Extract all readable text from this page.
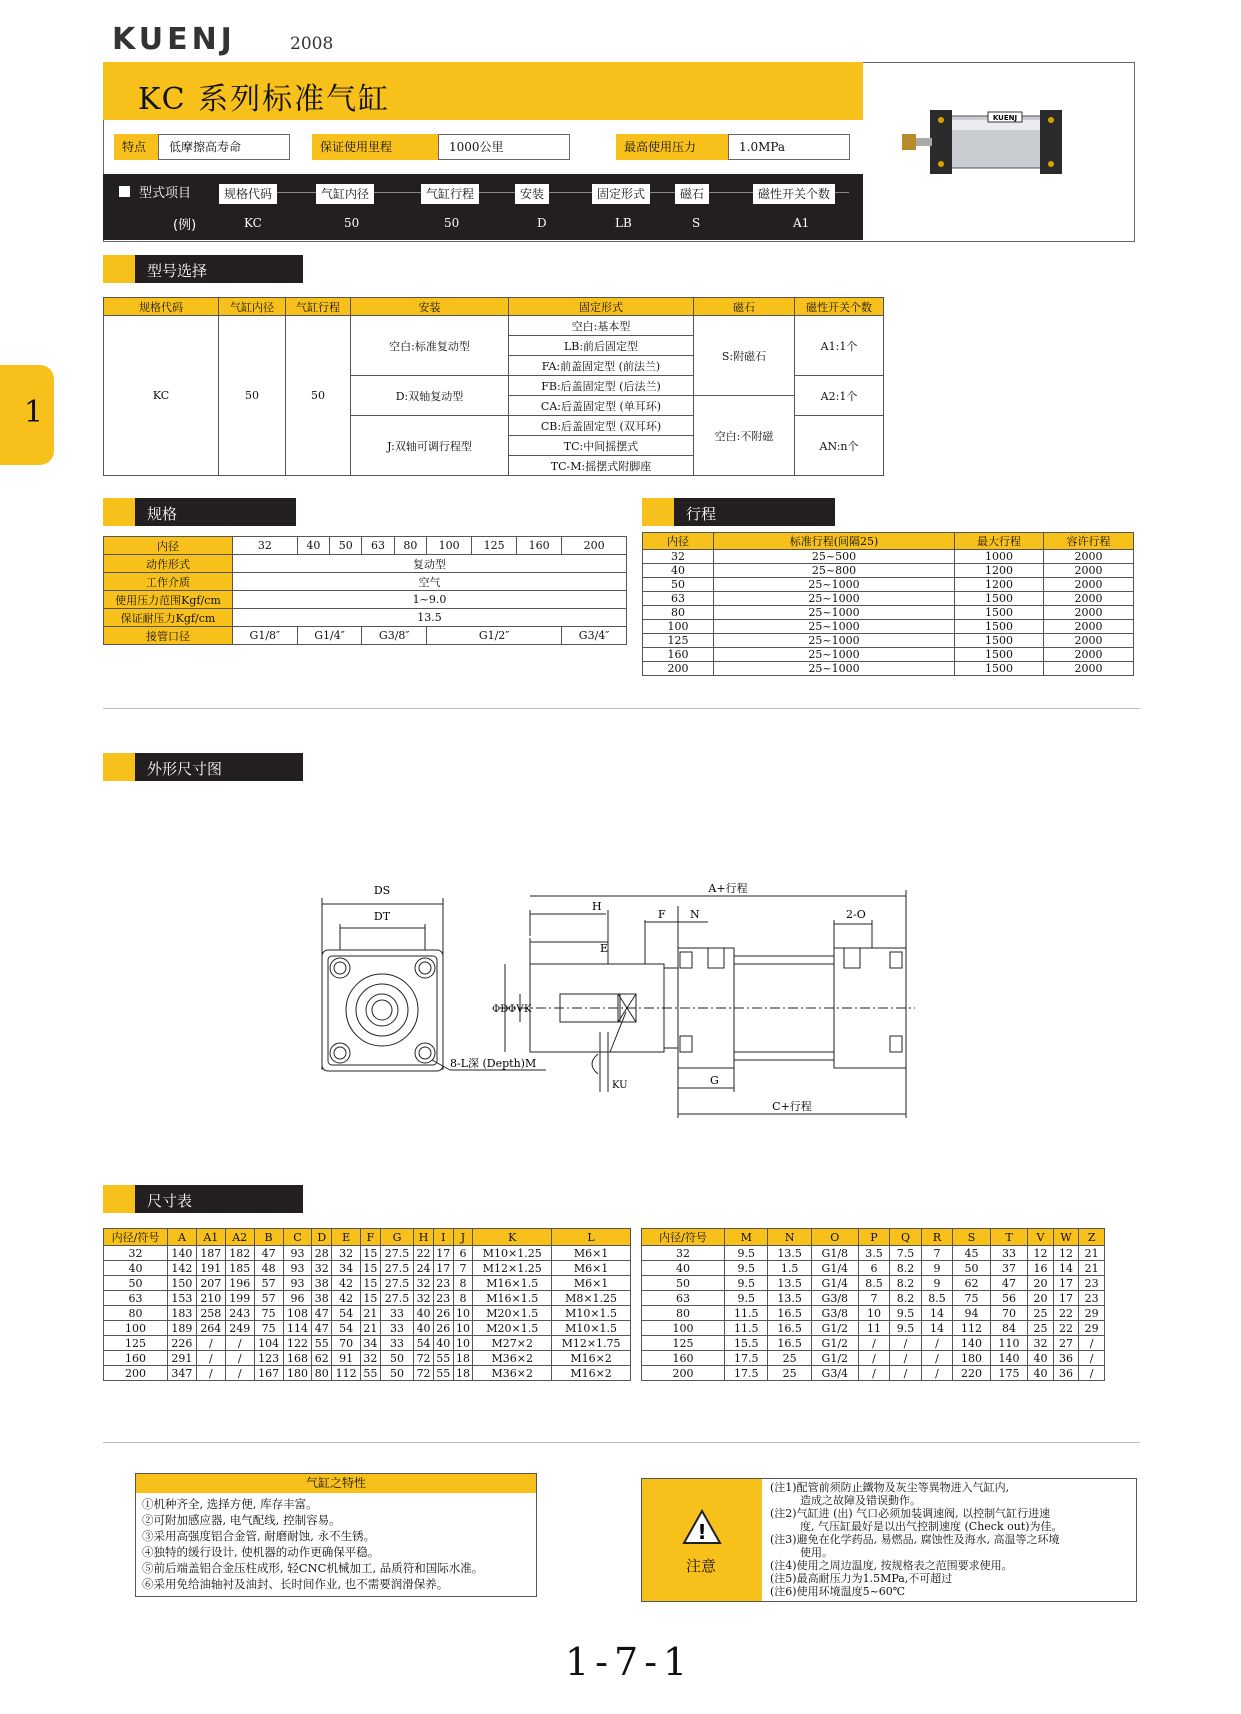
KUENJ	2008
1
KC 系列标准气缸
特点	低摩擦高寿命	保证使用里程	1000公里	最高使用压力	1.0MPa
型式项目
(例)
规格代码	气缸内径	气缸行程	安装	固定形式	磁石	磁性开关个数
KC	50	50	D	LB	S	A1
KUENJ
型号选择
规格代码	气缸内径	气缸行程	安装	固定形式	磁石	磁性开关个数
KC	50	50	空白:标准复动型	空白:基本型	S:附磁石	A1:1个
				LB:前后固定型		
				FA:前盖固定型 (前法兰)		
			D:双轴复动型	FB:后盖固定型 (后法兰)		A2:1个
				CA:后盖固定型 (单耳环)	空白:不附磁	
			J:双轴可调行程型	CB:后盖固定型 (双耳环)		AN:n个
				TC:中间摇摆式		
				TC-M:摇摆式附脚座		
规格
内径	32	40	50	63	80	100	125	160	200
动作形式	复动型								
工作介质	空气								
使用压力范围Kgf/cm	1~9.0								
保证耐压力Kgf/cm	13.5								
接管口径	G1/8″	G1/4″		G3/8″		G1/2″			G3/4″
行程
内径	标准行程(间隔25)	最大行程	容许行程
32	25~500	1000	2000
40	25~800	1200	2000
50	25~1000	1200	2000
63	25~1000	1500	2000
80	25~1000	1500	2000
100	25~1000	1500	2000
125	25~1000	1500	2000
160	25~1000	1500	2000
200	25~1000	1500	2000
外形尺寸图
DS
DT
8-L深 (Depth)M
A+行程
H
F N	2-O
E
ΦD ΦV K
KU	G
C+行程
尺寸表
内径/符号	A	A1	A2	B	C	D	E	F	G	H	I	J	K	L
32	140	187	182	47	93	28	32	15	27.5	22	17	6	M10×1.25	M6×1
40	142	191	185	48	93	32	34	15	27.5	24	17	7	M12×1.25	M6×1
50	150	207	196	57	93	38	42	15	27.5	32	23	8	M16×1.5	M6×1
63	153	210	199	57	96	38	42	15	27.5	32	23	8	M16×1.5	M8×1.25
80	183	258	243	75	108	47	54	21	33	40	26	10	M20×1.5	M10×1.5
100	189	264	249	75	114	47	54	21	33	40	26	10	M20×1.5	M10×1.5
125	226	/	/	104	122	55	70	34	33	54	40	10	M27×2	M12×1.75
160	291	/	/	123	168	62	91	32	50	72	55	18	M36×2	M16×2
200	347	/	/	167	180	80	112	55	50	72	55	18	M36×2	M16×2
内径/符号	M	N	O	P	Q	R	S	T	V	W	Z
32	9.5	13.5	G1/8	3.5	7.5	7	45	33	12	12	21
40	9.5	1.5	G1/4	6	8.2	9	50	37	16	14	21
50	9.5	13.5	G1/4	8.5	8.2	9	62	47	20	17	23
63	9.5	13.5	G3/8	7	8.2	8.5	75	56	20	17	23
80	11.5	16.5	G3/8	10	9.5	14	94	70	25	22	29
100	11.5	16.5	G1/2	11	9.5	14	112	84	25	22	29
125	15.5	16.5	G1/2	/	/	/	140	110	32	27	/
160	17.5	25	G1/2	/	/	/	180	140	40	36	/
200	17.5	25	G3/4	/	/	/	220	175	40	36	/
气缸之特性
①机种齐全, 选择方便, 库存丰富。
②可附加感应器, 电气配线, 控制容易。
③采用高强度铝合金管, 耐磨耐蚀, 永不生锈。
④独特的缓行设计, 使机器的动作更确保平稳。
⑤前后端盖铝合金压柱成形, 轻CNC机械加工, 品质符和国际水准。
⑥采用免给油轴衬及油封、长时间作业, 也不需要润滑保养。
!
注意
(注1)配管前须防止鐵物及灰尘等異物进入气缸内,
造成之故障及错误動作。
(注2)气缸进 (出) 气口必须加装调速阀, 以控制气缸行进速
度, 气压缸最好是以出气控制速度 (Check out)为佳。
(注3)避免在化学药品, 易燃品, 腐蚀性及海水, 高温等之环境
使用。
(注4)使用之周边温度, 按规格表之范围要求使用。
(注5)最高耐压力为1.5MPa,不可超过
(注6)使用环境温度5~60℃
1-7-1
